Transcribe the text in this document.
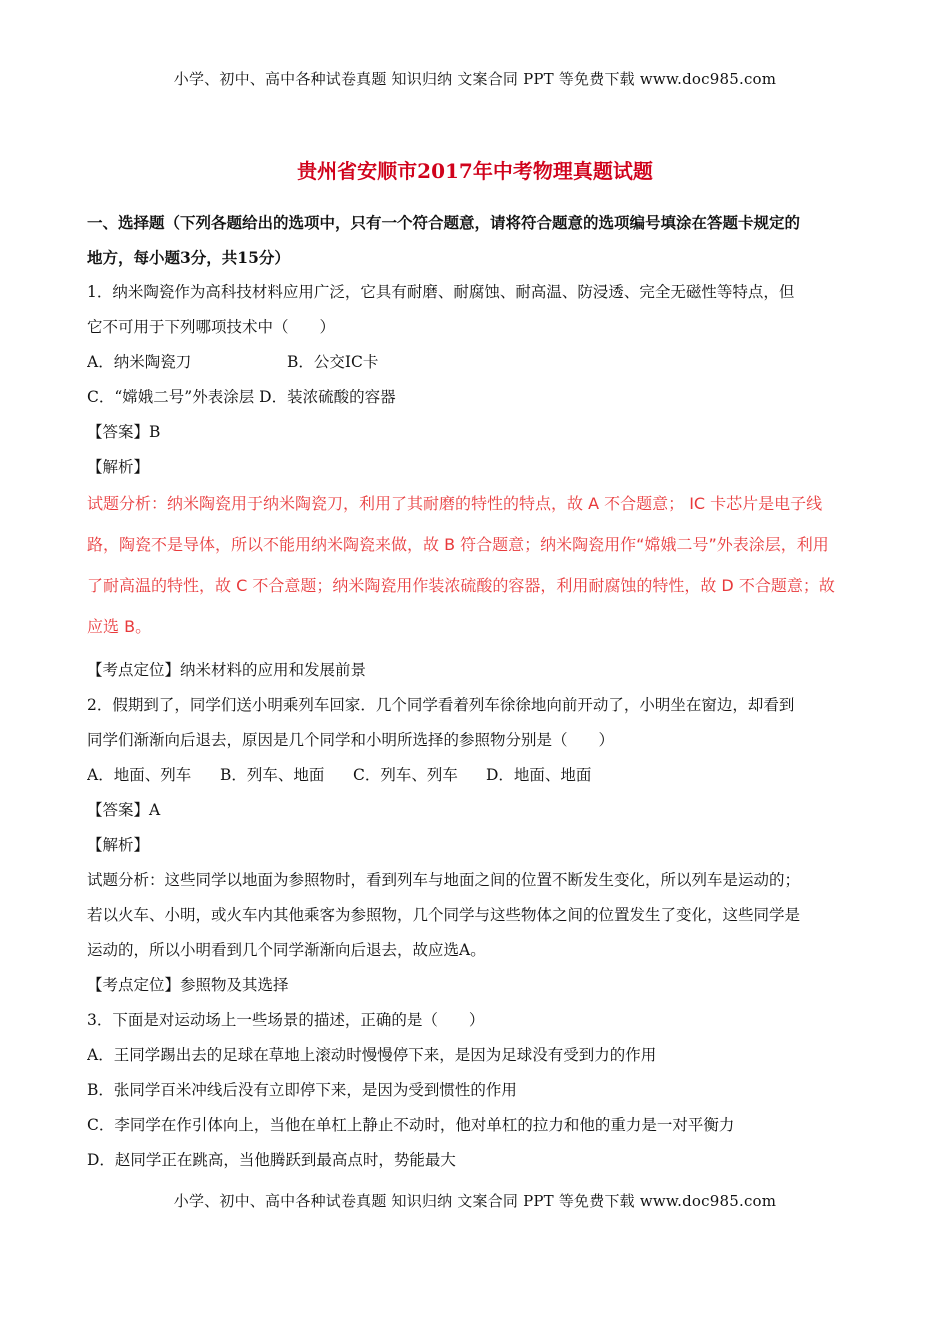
小学、初中、高中各种试卷真题 知识归纳 文案合同 PPT 等免费下载 www.doc985.com
贵州省安顺市2017年中考物理真题试题
一、选择题（下列各题给出的选项中，只有一个符合题意，请将符合题意的选项编号填涂在答题卡规定的
地方，每小题3分，共15分）
1．纳米陶瓷作为高科技材料应用广泛，它具有耐磨、耐腐蚀、耐高温、防浸透、完全无磁性等特点，但
它不可用于下列哪项技术中（　　）
A．纳米陶瓷刀	B．公交IC卡
C．“嫦娥二号”外表涂层 D．装浓硫酸的容器
【答案】B
【解析】
试题分析：纳米陶瓷用于纳米陶瓷刀，利用了其耐磨的特性的特点，故 A 不合题意； IC 卡芯片是电子线
路，陶瓷不是导体，所以不能用纳米陶瓷来做，故 B 符合题意；纳米陶瓷用作“嫦娥二号”外表涂层，利用
了耐高温的特性，故 C 不合意题；纳米陶瓷用作装浓硫酸的容器，利用耐腐蚀的特性，故 D 不合题意；故
应选 B。
【考点定位】纳米材料的应用和发展前景
2．假期到了，同学们送小明乘列车回家．几个同学看着列车徐徐地向前开动了，小明坐在窗边，却看到
同学们渐渐向后退去，原因是几个同学和小明所选择的参照物分别是（　　）
A．地面、列车 B．列车、地面 C．列车、列车 D．地面、地面
【答案】A
【解析】
试题分析：这些同学以地面为参照物时，看到列车与地面之间的位置不断发生变化，所以列车是运动的；
若以火车、小明，或火车内其他乘客为参照物，几个同学与这些物体之间的位置发生了变化，这些同学是
运动的，所以小明看到几个同学渐渐向后退去，故应选A。
【考点定位】参照物及其选择
3．下面是对运动场上一些场景的描述，正确的是（　　）
A．王同学踢出去的足球在草地上滚动时慢慢停下来，是因为足球没有受到力的作用
B．张同学百米冲线后没有立即停下来，是因为受到惯性的作用
C．李同学在作引体向上，当他在单杠上静止不动时，他对单杠的拉力和他的重力是一对平衡力
D．赵同学正在跳高，当他腾跃到最高点时，势能最大
小学、初中、高中各种试卷真题 知识归纳 文案合同 PPT 等免费下载 www.doc985.com
